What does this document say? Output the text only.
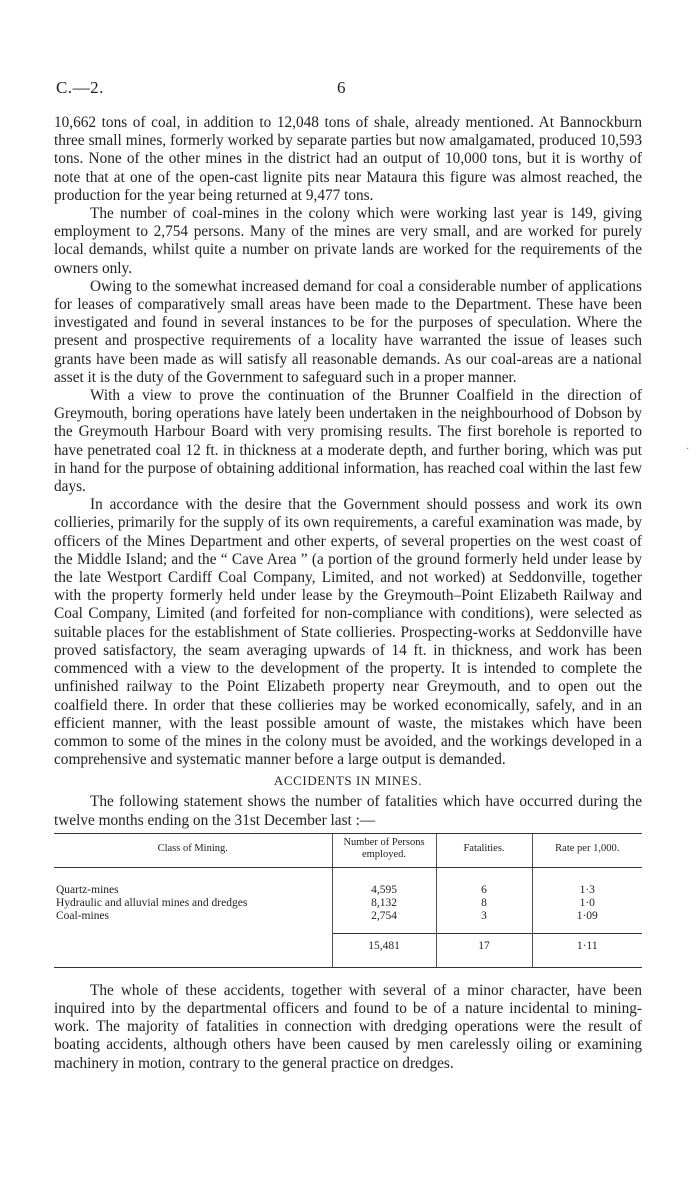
C.—2.	6

10,662 tons of coal, in addition to 12,048 tons of shale, already mentioned. At Bannockburn three small mines, formerly worked by separate parties but now amalgamated, produced 10,593 tons. None of the other mines in the district had an output of 10,000 tons, but it is worthy of note that at one of the open-cast lignite pits near Mataura this figure was almost reached, the production for the year being returned at 9,477 tons.

The number of coal-mines in the colony which were working last year is 149, giving employment to 2,754 persons. Many of the mines are very small, and are worked for purely local demands, whilst quite a number on private lands are worked for the requirements of the owners only.

Owing to the somewhat increased demand for coal a considerable number of applications for leases of comparatively small areas have been made to the Department. These have been investigated and found in several instances to be for the purposes of speculation. Where the present and prospective requirements of a locality have warranted the issue of leases such grants have been made as will satisfy all reasonable demands. As our coal-areas are a national asset it is the duty of the Government to safeguard such in a proper manner.

With a view to prove the continuation of the Brunner Coalfield in the direction of Greymouth, boring operations have lately been undertaken in the neighbourhood of Dobson by the Greymouth Harbour Board with very promising results. The first borehole is reported to have penetrated coal 12 ft. in thickness at a moderate depth, and further boring, which was put in hand for the purpose of obtaining additional information, has reached coal within the last few days.

In accordance with the desire that the Government should possess and work its own collieries, primarily for the supply of its own requirements, a careful examination was made, by officers of the Mines Department and other experts, of several properties on the west coast of the Middle Island; and the “ Cave Area ” (a portion of the ground formerly held under lease by the late Westport Cardiff Coal Company, Limited, and not worked) at Seddonville, together with the property formerly held under lease by the Greymouth–Point Elizabeth Railway and Coal Company, Limited (and forfeited for non-compliance with conditions), were selected as suitable places for the establishment of State collieries. Prospecting-works at Seddonville have proved satisfactory, the seam averaging upwards of 14 ft. in thickness, and work has been commenced with a view to the development of the property. It is intended to complete the unfinished railway to the Point Elizabeth property near Greymouth, and to open out the coalfield there. In order that these collieries may be worked economically, safely, and in an efficient manner, with the least possible amount of waste, the mistakes which have been common to some of the mines in the colony must be avoided, and the workings developed in a comprehensive and systematic manner before a large output is demanded.

ACCIDENTS IN MINES.

The following statement shows the number of fatalities which have occurred during the twelve months ending on the 31st December last :—

Class of Mining.	Number of Persons employed.	Fatalities.	Rate per 1,000.
Quartz-mines	4,595	6	1·3
Hydraulic and alluvial mines and dredges	8,132	8	1·0
Coal-mines	2,754	3	1·09
	15,481	17	1·11

The whole of these accidents, together with several of a minor character, have been inquired into by the departmental officers and found to be of a nature incidental to mining-work. The majority of fatalities in connection with dredging operations were the result of boating accidents, although others have been caused by men carelessly oiling or examining machinery in motion, contrary to the general practice on dredges.

·
